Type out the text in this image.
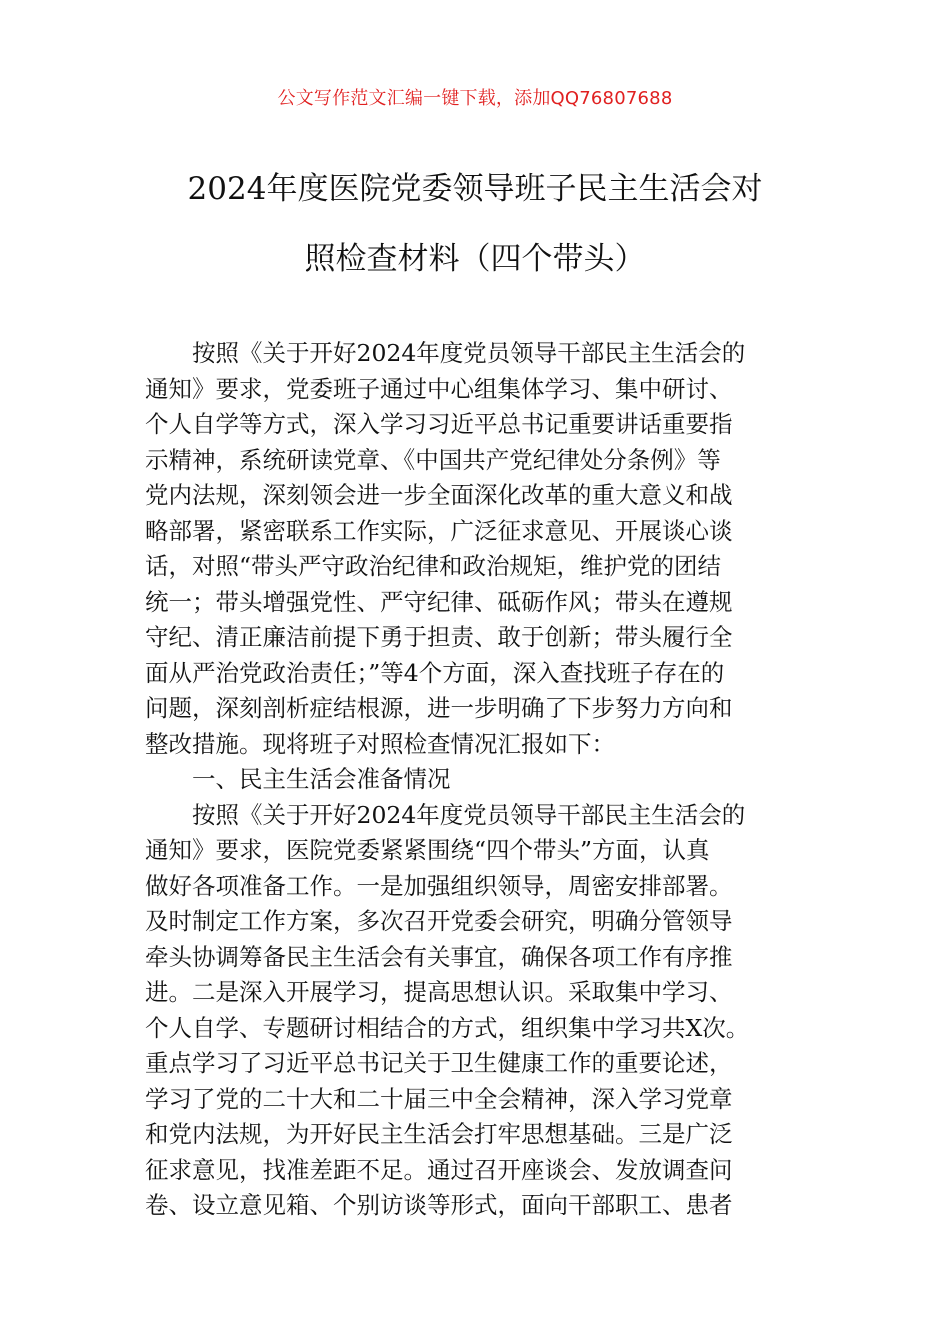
公文写作范文汇编一键下载，添加QQ76807688
2024年度医院党委领导班子民主生活会对
照检查材料（四个带头）
按照《关于开好2024年度党员领导干部民主生活会的
通知》要求，党委班子通过中心组集体学习、集中研讨、
个人自学等方式，深入学习习近平总书记重要讲话重要指
示精神，系统研读党章、《中国共产党纪律处分条例》等
党内法规，深刻领会进一步全面深化改革的重大意义和战
略部署，紧密联系工作实际，广泛征求意见、开展谈心谈
话，对照“带头严守政治纪律和政治规矩，维护党的团结
统一；带头增强党性、严守纪律、砥砺作风；带头在遵规
守纪、清正廉洁前提下勇于担责、敢于创新；带头履行全
面从严治党政治责任；”等4个方面，深入查找班子存在的
问题，深刻剖析症结根源，进一步明确了下步努力方向和
整改措施。现将班子对照检查情况汇报如下：
一、民主生活会准备情况
按照《关于开好2024年度党员领导干部民主生活会的
通知》要求，医院党委紧紧围绕“四个带头”方面，认真
做好各项准备工作。一是加强组织领导，周密安排部署。
及时制定工作方案，多次召开党委会研究，明确分管领导
牵头协调筹备民主生活会有关事宜，确保各项工作有序推
进。二是深入开展学习，提高思想认识。采取集中学习、
个人自学、专题研讨相结合的方式，组织集中学习共X次。
重点学习了习近平总书记关于卫生健康工作的重要论述，
学习了党的二十大和二十届三中全会精神，深入学习党章
和党内法规，为开好民主生活会打牢思想基础。三是广泛
征求意见，找准差距不足。通过召开座谈会、发放调查问
卷、设立意见箱、个别访谈等形式，面向干部职工、患者
